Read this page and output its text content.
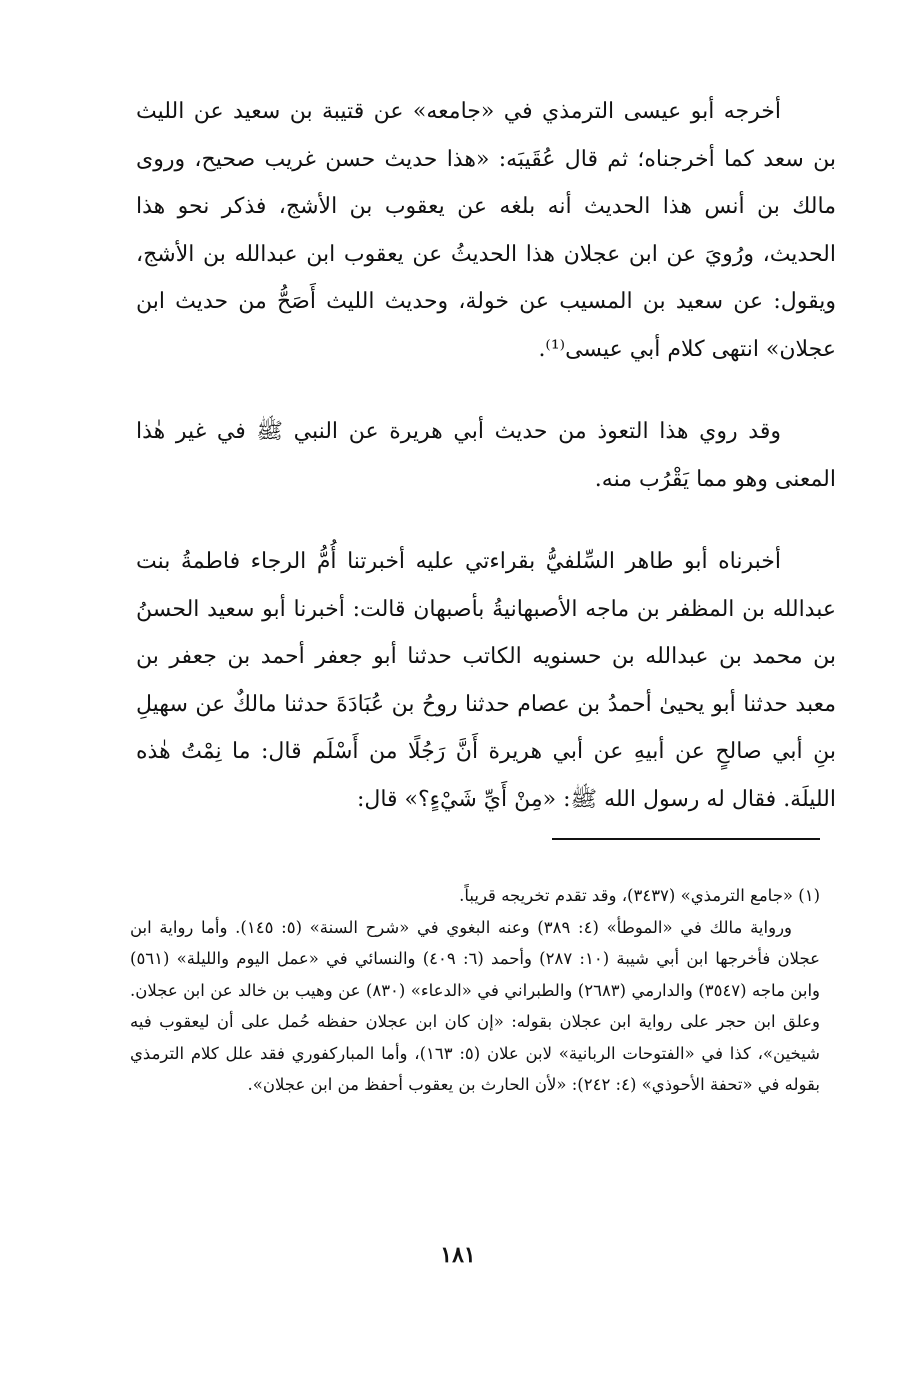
أخرجه أبو عيسى الترمذي في «جامعه» عن قتيبة بن سعيد عن الليث بن سعد كما أخرجناه؛ ثم قال عُقَيبَه: «هذا حديث حسن غريب صحيح، وروى مالك بن أنس هذا الحديث أنه بلغه عن يعقوب بن الأشج، فذكر نحو هذا الحديث، ورُويَ عن ابن عجلان هذا الحديثُ عن يعقوب ابن عبدالله بن الأشج، ويقول: عن سعيد بن المسيب عن خولة، وحديث الليث أَصَحُّ من حديث ابن عجلان» انتهى كلام أبي عيسى⁽¹⁾.

وقد روي هذا التعوذ من حديث أبي هريرة عن النبي ﷺ في غير هٰذا المعنى وهو مما يَقْرُب منه.

أخبرناه أبو طاهر السِّلفيُّ بقراءتي عليه أخبرتنا أُمُّ الرجاء فاطمةُ بنت عبدالله بن المظفر بن ماجه الأصبهانيةُ بأصبهان قالت: أخبرنا أبو سعيد الحسنُ بن محمد بن عبدالله بن حسنويه الكاتب حدثنا أبو جعفر أحمد بن جعفر بن معبد حدثنا أبو يحيىٰ أحمدُ بن عصام حدثنا روحُ بن عُبَادَةَ حدثنا مالكٌ عن سهيلِ بنِ أبي صالحٍ عن أبيهِ عن أبي هريرة أَنَّ رَجُلًا من أَسْلَم قال: ما نِمْتُ هٰذه الليلَة. فقال له رسول الله ﷺ: «مِنْ أَيِّ شَيْءٍ؟» قال:

(١) «جامع الترمذي» (٣٤٣٧)، وقد تقدم تخريجه قريباً.

ورواية مالك في «الموطأ» (٤: ٣٨٩) وعنه البغوي في «شرح السنة» (٥: ١٤٥). وأما رواية ابن عجلان فأخرجها ابن أبي شيبة (١٠: ٢٨٧) وأحمد (٦: ٤٠٩) والنسائي في «عمل اليوم والليلة» (٥٦١) وابن ماجه (٣٥٤٧) والدارمي (٢٦٨٣) والطبراني في «الدعاء» (٨٣٠) عن وهيب بن خالد عن ابن عجلان. وعلق ابن حجر على رواية ابن عجلان بقوله: «إن كان ابن عجلان حفظه حُمل على أن ليعقوب فيه شيخين»، كذا في «الفتوحات الربانية» لابن علان (٥: ١٦٣)، وأما المباركفوري فقد علل كلام الترمذي بقوله في «تحفة الأحوذي» (٤: ٢٤٢): «لأن الحارث بن يعقوب أحفظ من ابن عجلان».

١٨١
